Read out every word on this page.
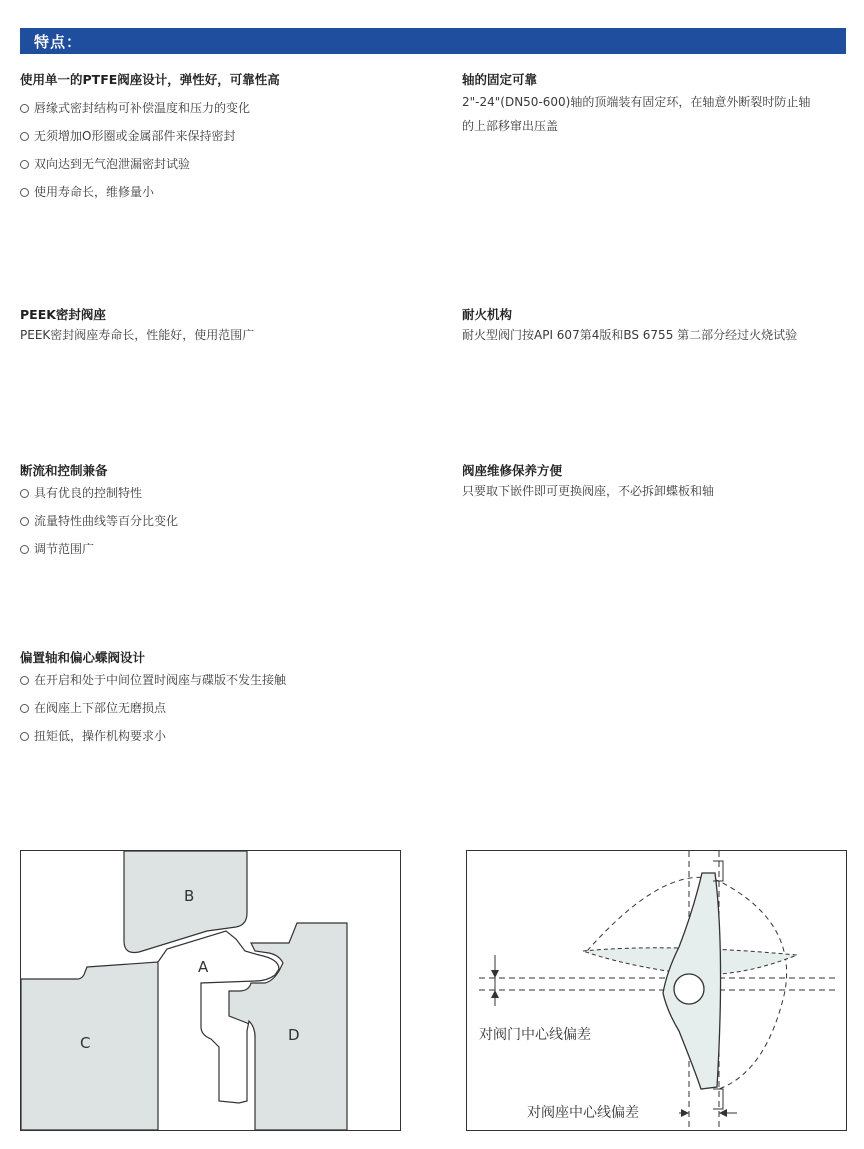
特点：
使用单一的PTFE阀座设计，弹性好，可靠性高
唇缘式密封结构可补偿温度和压力的变化
无须增加O形圈或金属部件来保持密封
双向达到无气泡泄漏密封试验
使用寿命长，维修量小
轴的固定可靠

2"-24"(DN50-600)轴的顶端装有固定环，在轴意外断裂时防止轴

的上部移窜出压盖

PEEK密封阀座

PEEK密封阀座寿命长，性能好，使用范围广

耐火机构

耐火型阀门按API 607第4版和BS 6755 第二部分经过火烧试验

断流和控制兼备
具有优良的控制特性
流量特性曲线等百分比变化
调节范围广
阀座维修保养方便

只要取下嵌件即可更换阀座，不必拆卸蝶板和轴

偏置轴和偏心蝶阀设计
在开启和处于中间位置时阀座与碟版不发生接触
在阀座上下部位无磨损点
扭矩低，操作机构要求小
B
A
C	D	对阀门中心线偏差
对阀座中心线偏差
